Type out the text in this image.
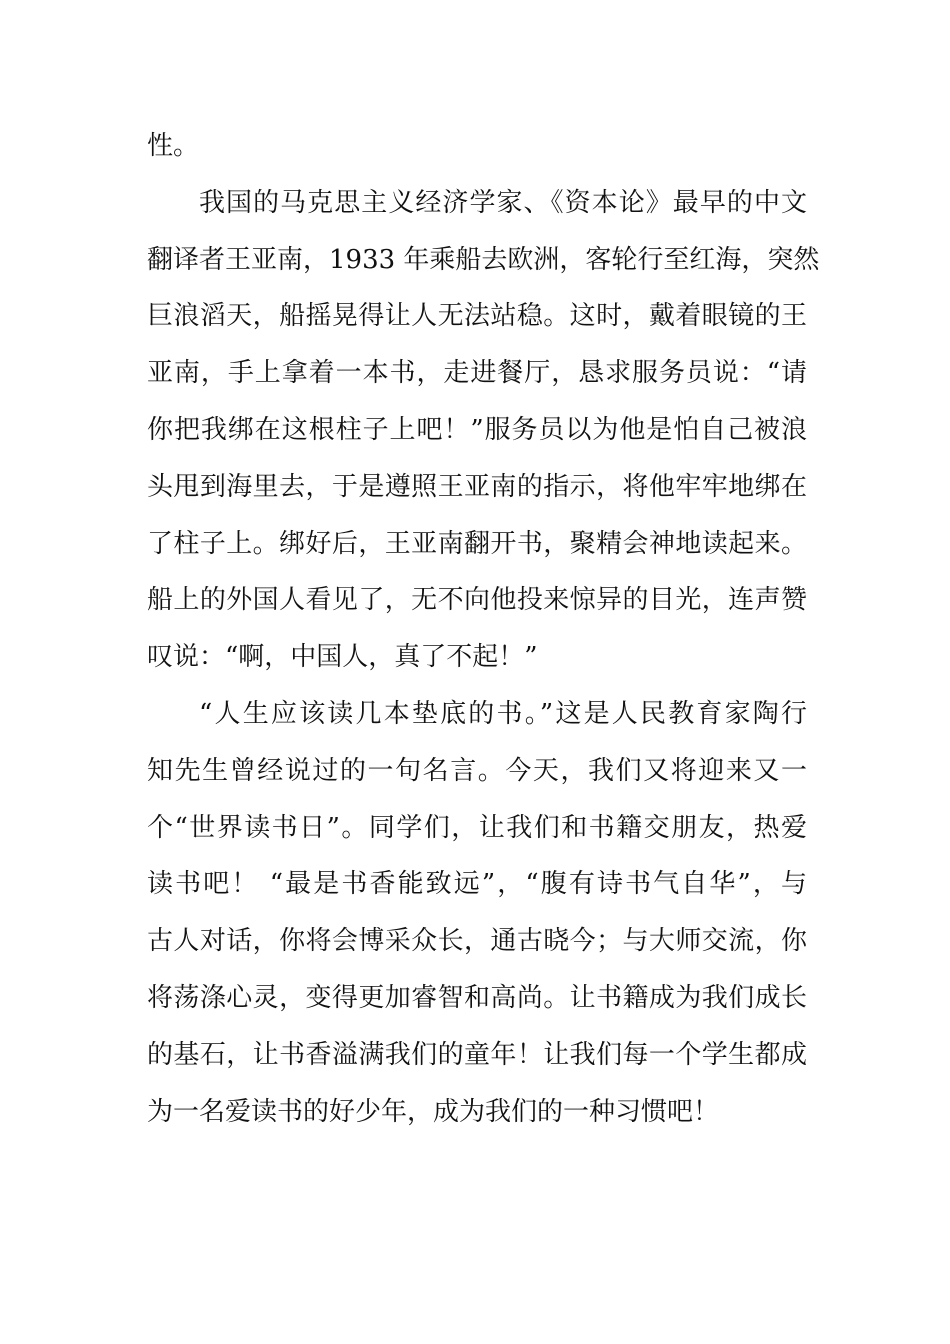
性。
我国的马克思主义经济学家、《资本论》最早的中文
翻译者王亚南，1933 年乘船去欧洲，客轮行至红海，突然
巨浪滔天，船摇晃得让人无法站稳。这时，戴着眼镜的王
亚南，手上拿着一本书，走进餐厅，恳求服务员说：“请
你把我绑在这根柱子上吧！”服务员以为他是怕自己被浪
头甩到海里去，于是遵照王亚南的指示，将他牢牢地绑在
了柱子上。绑好后，王亚南翻开书，聚精会神地读起来。
船上的外国人看见了，无不向他投来惊异的目光，连声赞
叹说：“啊，中国人，真了不起！”
“人生应该读几本垫底的书。”这是人民教育家陶行
知先生曾经说过的一句名言。今天，我们又将迎来又一
个“世界读书日”。同学们，让我们和书籍交朋友，热爱
读书吧！ “最是书香能致远”，“腹有诗书气自华”，与
古人对话，你将会博采众长，通古晓今；与大师交流，你
将荡涤心灵，变得更加睿智和高尚。让书籍成为我们成长
的基石，让书香溢满我们的童年！让我们每一个学生都成
为一名爱读书的好少年，成为我们的一种习惯吧！
